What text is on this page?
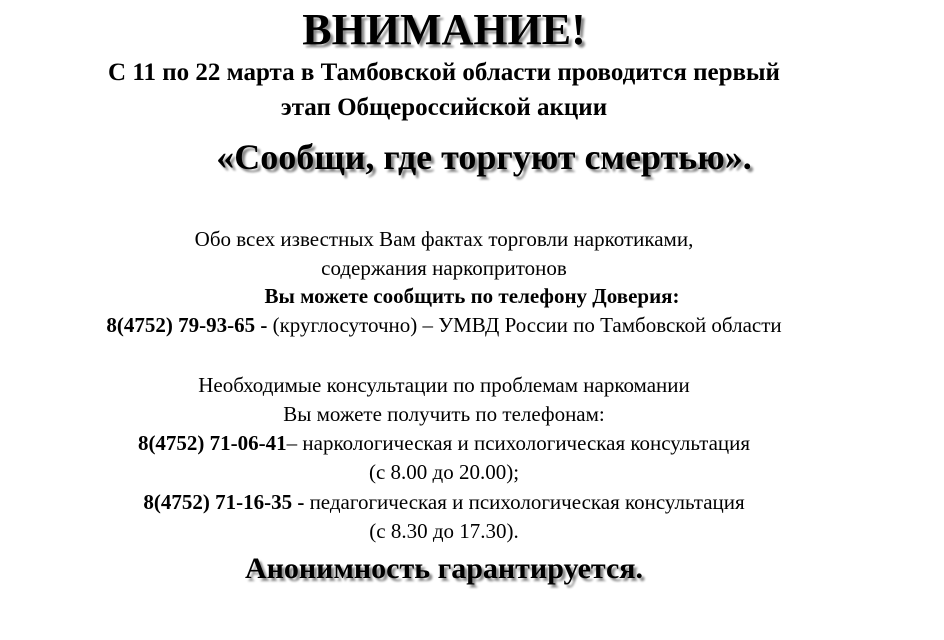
ВНИМАНИЕ!
С 11 по 22 марта в Тамбовской области проводится первый
этап Общероссийской акции
«Сообщи, где торгуют смертью».
Обо всех известных Вам фактах торговли наркотиками,
содержания наркопритонов
Вы можете сообщить по телефону Доверия:
8(4752) 79-93-65 - (круглосуточно) – УМВД России по Тамбовской области
Необходимые консультации по проблемам наркомании
Вы можете получить по телефонам:
8(4752) 71-06-41– наркологическая и психологическая консультация
(с 8.00 до 20.00);
8(4752) 71-16-35 - педагогическая и психологическая консультация
(с 8.30 до 17.30).
Анонимность гарантируется.
